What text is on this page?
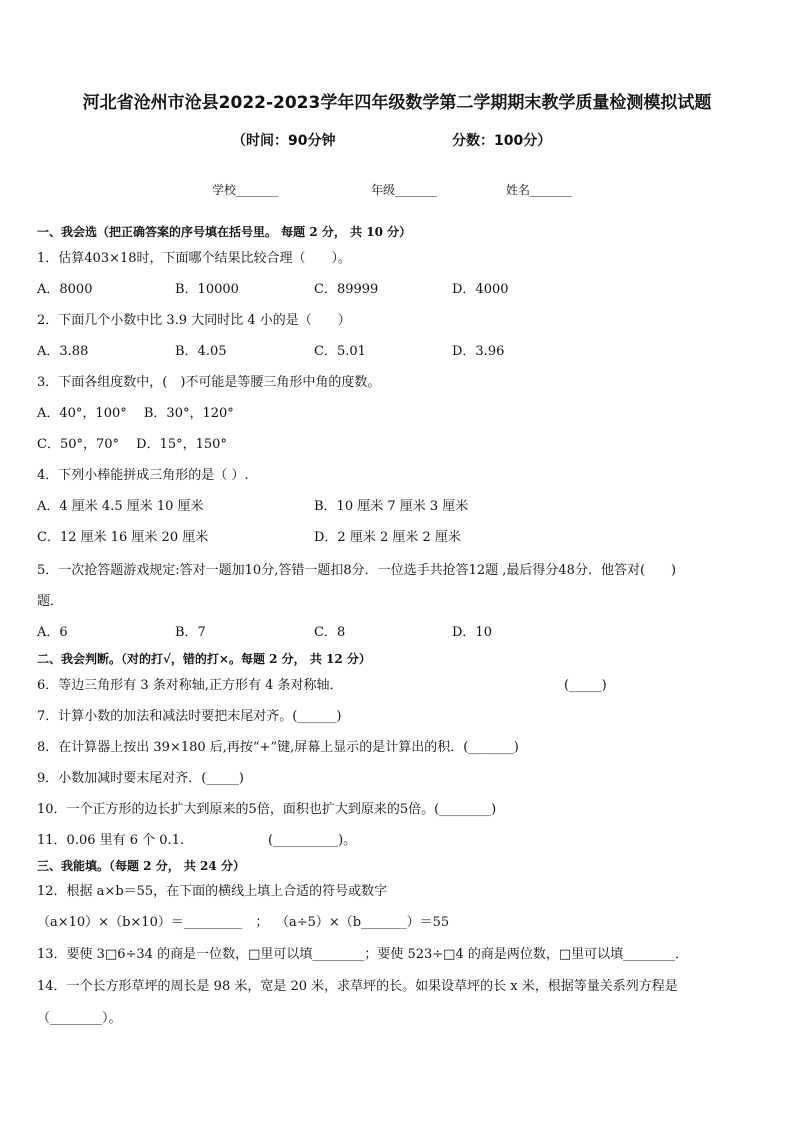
河北省沧州市沧县2022-2023学年四年级数学第二学期期末教学质量检测模拟试题
（时间：90分钟	分数：100分）
学校_______	年级_______	姓名_______
一、我会选（把正确答案的序号填在括号里。 每题 2 分， 共 10 分）
1．估算403×18时，下面哪个结果比较合理（　　）。
A．8000	B．10000	C．89999	D．4000
2．下面几个小数中比 3.9 大同时比 4 小的是（　　）
A．3.88	B．4.05	C．5.01	D．3.96
3．下面各组度数中，(　)不可能是等腰三角形中角的度数。
A．40°，100°　 B．30°，120°
C．50°，70°　 D．15°，150°
4．下列小棒能拼成三角形的是（ ）.
A．4 厘米 4.5 厘米 10 厘米	B．10 厘米 7 厘米 3 厘米
C．12 厘米 16 厘米 20 厘米	D．2 厘米 2 厘米 2 厘米
5．一次抢答题游戏规定:答对一题加10分,答错一题扣8分．一位选手共抢答12题 ,最后得分48分．他答对(　　)
题．
A．6	B．7	C．8	D．10
二、我会判断。（对的打√，错的打×。每题 2 分， 共 12 分）
6．等边三角形有 3 条对称轴,正方形有 4 条对称轴．	(_____)
7．计算小数的加法和减法时要把末尾对齐。(______)
8．在计算器上按出 39×180 后,再按“+”键,屏幕上显示的是计算出的积．(_______)
9．小数加减时要末尾对齐．(_____)
10．一个正方形的边长扩大到原来的5倍，面积也扩大到原来的5倍。(________)
11．0.06 里有 6 个 0.1.	(__________)。
三、我能填。（每题 2 分， 共 24 分）
12．根据 a×b＝55，在下面的横线上填上合适的符号或数字
（a×10）×（b×10）＝_________　； （a÷5）×（b_______）＝55
13．要使 3□6÷34 的商是一位数，□里可以填________；要使 523÷□4 的商是两位数，□里可以填________．
14．一个长方形草坪的周长是 98 米，宽是 20 米，求草坪的长。如果设草坪的长 x 米，根据等量关系列方程是
（________）。
